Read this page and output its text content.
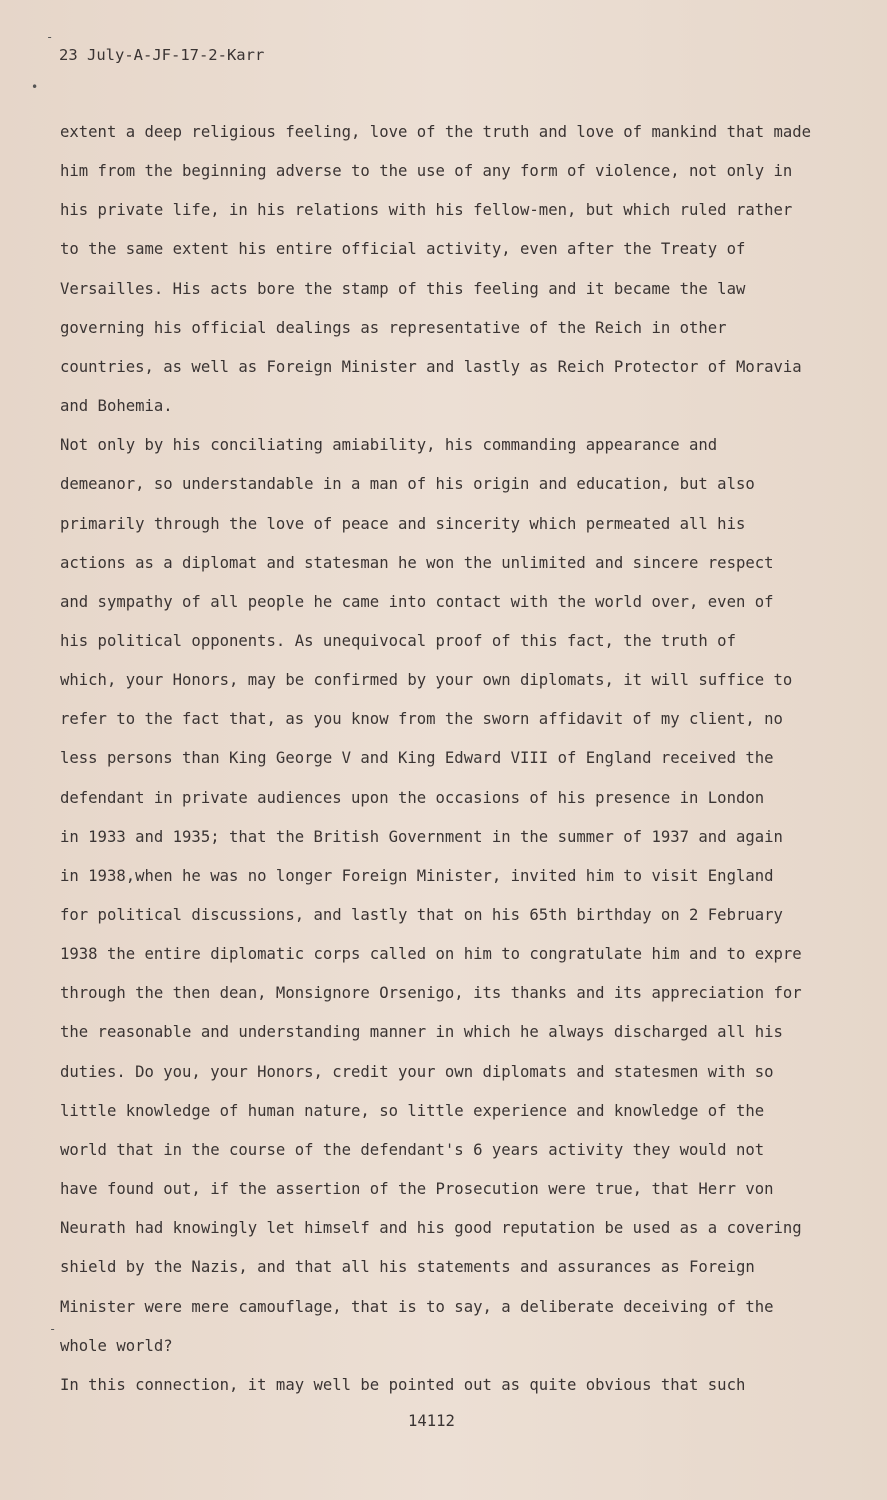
-
•
-
23 July-A-JF-17-2-Karr
extent a deep religious feeling, love of the truth and love of mankind that made
him from the beginning adverse to the use of any form of violence, not only in
his private life, in his relations with his fellow-men, but which ruled rather
to the same extent his entire official activity, even after the Treaty of
Versailles. His acts bore the stamp of this feeling and it became the law
governing his official dealings as representative of the Reich in other
countries, as well as Foreign Minister and lastly as Reich Protector of Moravia
and Bohemia.
Not only by his conciliating amiability, his commanding appearance and
demeanor, so understandable in a man of his origin and education, but also
primarily through the love of peace and sincerity which permeated all his
actions as a diplomat and statesman he won the unlimited and sincere respect
and sympathy of all people he came into contact with the world over, even of
his political opponents. As unequivocal proof of this fact, the truth of
which, your Honors, may be confirmed by your own diplomats, it will suffice to
refer to the fact that, as you know from the sworn affidavit of my client, no
less persons than King George V and King Edward VIII of England received the
defendant in private audiences upon the occasions of his presence in London
in 1933 and 1935; that the British Government in the summer of 1937 and again
in 1938,when he was no longer Foreign Minister, invited him to visit England
for political discussions, and lastly that on his 65th birthday on 2 February
1938 the entire diplomatic corps called on him to congratulate him and to expre
through the then dean, Monsignore Orsenigo, its thanks and its appreciation for
the reasonable and understanding manner in which he always discharged all his
duties. Do you, your Honors, credit your own diplomats and statesmen with so
little knowledge of human nature, so little experience and knowledge of the
world that in the course of the defendant's 6 years activity they would not
have found out, if the assertion of the Prosecution were true, that Herr von
Neurath had knowingly let himself and his good reputation be used as a covering
shield by the Nazis, and that all his statements and assurances as Foreign
Minister were mere camouflage, that is to say, a deliberate deceiving of the
whole world?
In this connection, it may well be pointed out as quite obvious that such
14112
